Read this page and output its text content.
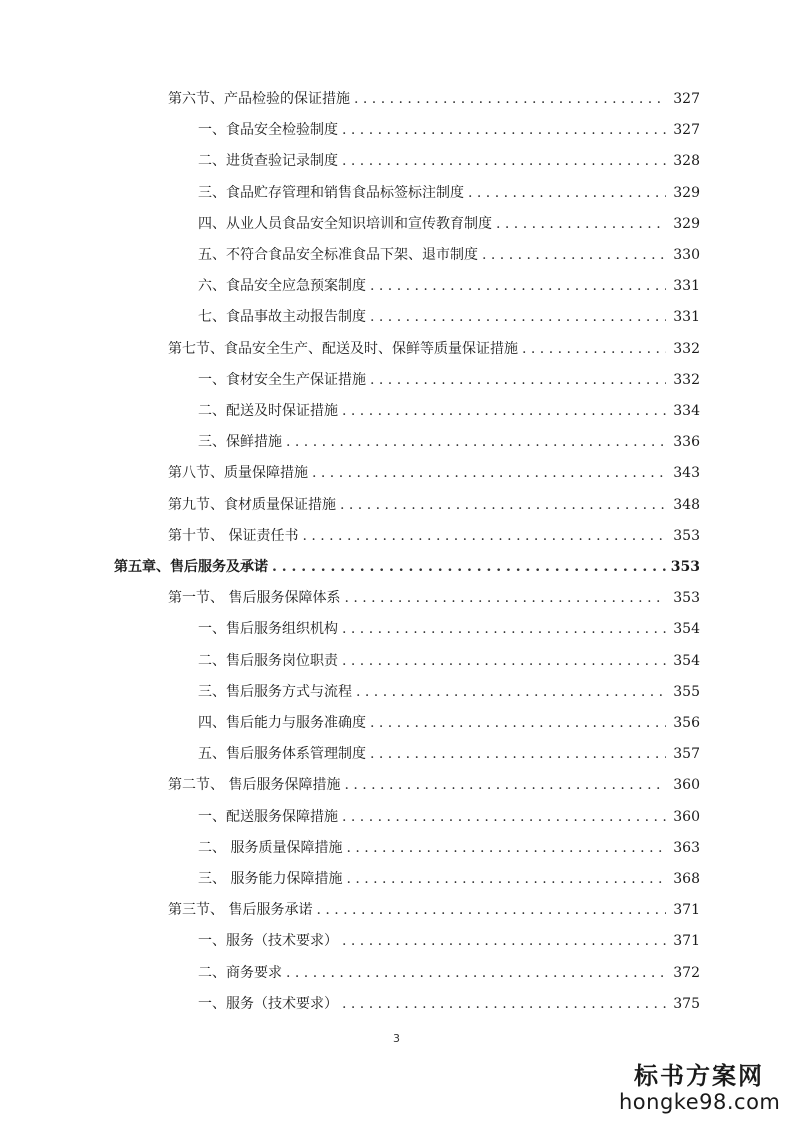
第六节、产品检验的保证措施 . . .	327
一、食品安全检验制度 . . .	327
二、进货查验记录制度 . . .	328
三、食品贮存管理和销售食品标签标注制度 . . .	329
四、从业人员食品安全知识培训和宣传教育制度 . . .	329
五、不符合食品安全标准食品下架、退市制度 . . .	330
六、食品安全应急预案制度 . . .	331
七、食品事故主动报告制度 . . .	331
第七节、食品安全生产、配送及时、保鲜等质量保证措施 . . .	332
一、食材安全生产保证措施 . . .	332
二、配送及时保证措施 . . .	334
三、保鲜措施 . . .	336
第八节、质量保障措施 . . .	343
第九节、食材质量保证措施 . . .	348
第十节、 保证责任书 . . .	353
第五章、售后服务及承诺 . . .	353
第一节、 售后服务保障体系 . . .	353
一、售后服务组织机构 . . .	354
二、售后服务岗位职责 . . .	354
三、售后服务方式与流程 . . .	355
四、售后能力与服务准确度 . . .	356
五、售后服务体系管理制度 . . .	357
第二节、 售后服务保障措施 . . .	360
一、配送服务保障措施 . . .	360
二、 服务质量保障措施 . . .	363
三、 服务能力保障措施 . . .	368
第三节、 售后服务承诺 . . .	371
一、服务（技术要求） . . .	371
二、商务要求 . . .	372
一、服务（技术要求） . . .	375
3
标书方案网
hongke98.com
